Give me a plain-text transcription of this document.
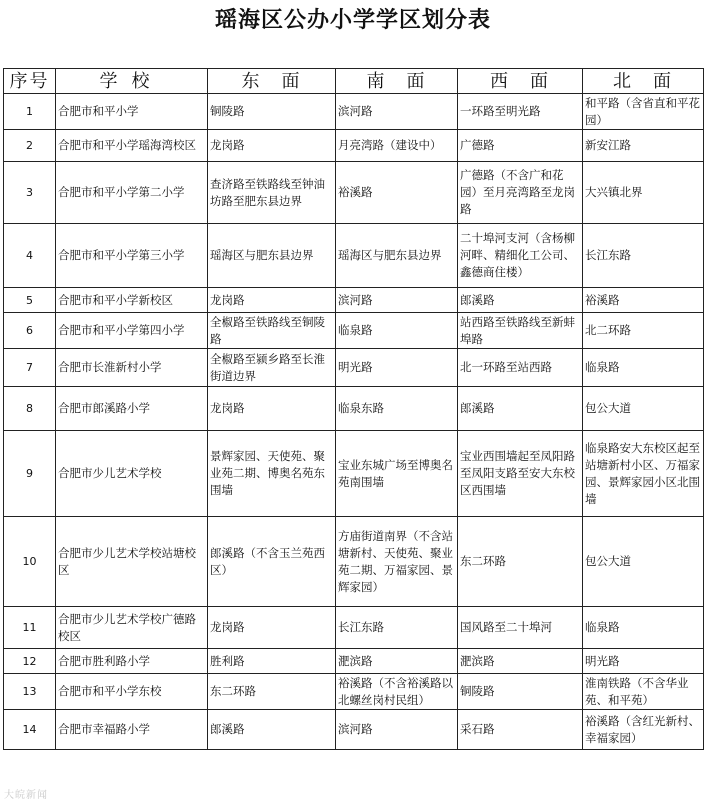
瑶海区公办小学学区划分表
序号	学校	东　面	南　面	西　面	北　面
1	合肥市和平小学	铜陵路	滨河路	一环路至明光路	和平路（含省直和平花园）
2	合肥市和平小学瑶海湾校区	龙岗路	月亮湾路（建设中）	广德路	新安江路
3	合肥市和平小学第二小学	查济路至铁路线至钟油坊路至肥东县边界	裕溪路	广德路（不含广和花园）至月亮湾路至龙岗路	大兴镇北界
4	合肥市和平小学第三小学	瑶海区与肥东县边界	瑶海区与肥东县边界	二十埠河支河（含杨柳河畔、精细化工公司、鑫德商住楼）	长江东路
5	合肥市和平小学新校区	龙岗路	滨河路	郎溪路	裕溪路
6	合肥市和平小学第四小学	全椒路至铁路线至铜陵路	临泉路	站西路至铁路线至新蚌埠路	北二环路
7	合肥市长淮新村小学	全椒路至颍乡路至长淮街道边界	明光路	北一环路至站西路	临泉路
8	合肥市郎溪路小学	龙岗路	临泉东路	郎溪路	包公大道
9	合肥市少儿艺术学校	景辉家园、天使苑、聚业苑二期、博奥名苑东围墙	宝业东城广场至博奥名苑南围墙	宝业西围墙起至凤阳路至凤阳支路至安大东校区西围墙	临泉路安大东校区起至站塘新村小区、万福家园、景辉家园小区北围墙
10	合肥市少儿艺术学校站塘校区	郎溪路（不含玉兰苑西区）	方庙街道南界（不含站塘新村、天使苑、聚业苑二期、万福家园、景辉家园）	东二环路	包公大道
11	合肥市少儿艺术学校广德路校区	龙岗路	长江东路	国风路至二十埠河	临泉路
12	合肥市胜利路小学	胜利路	淝滨路	淝滨路	明光路
13	合肥市和平小学东校	东二环路	裕溪路（不含裕溪路以北螺丝岗村民组）	铜陵路	淮南铁路（不含华业苑、和平苑）
14	合肥市幸福路小学	郎溪路	滨河路	采石路	裕溪路（含红光新村、幸福家园）
大皖新闻
